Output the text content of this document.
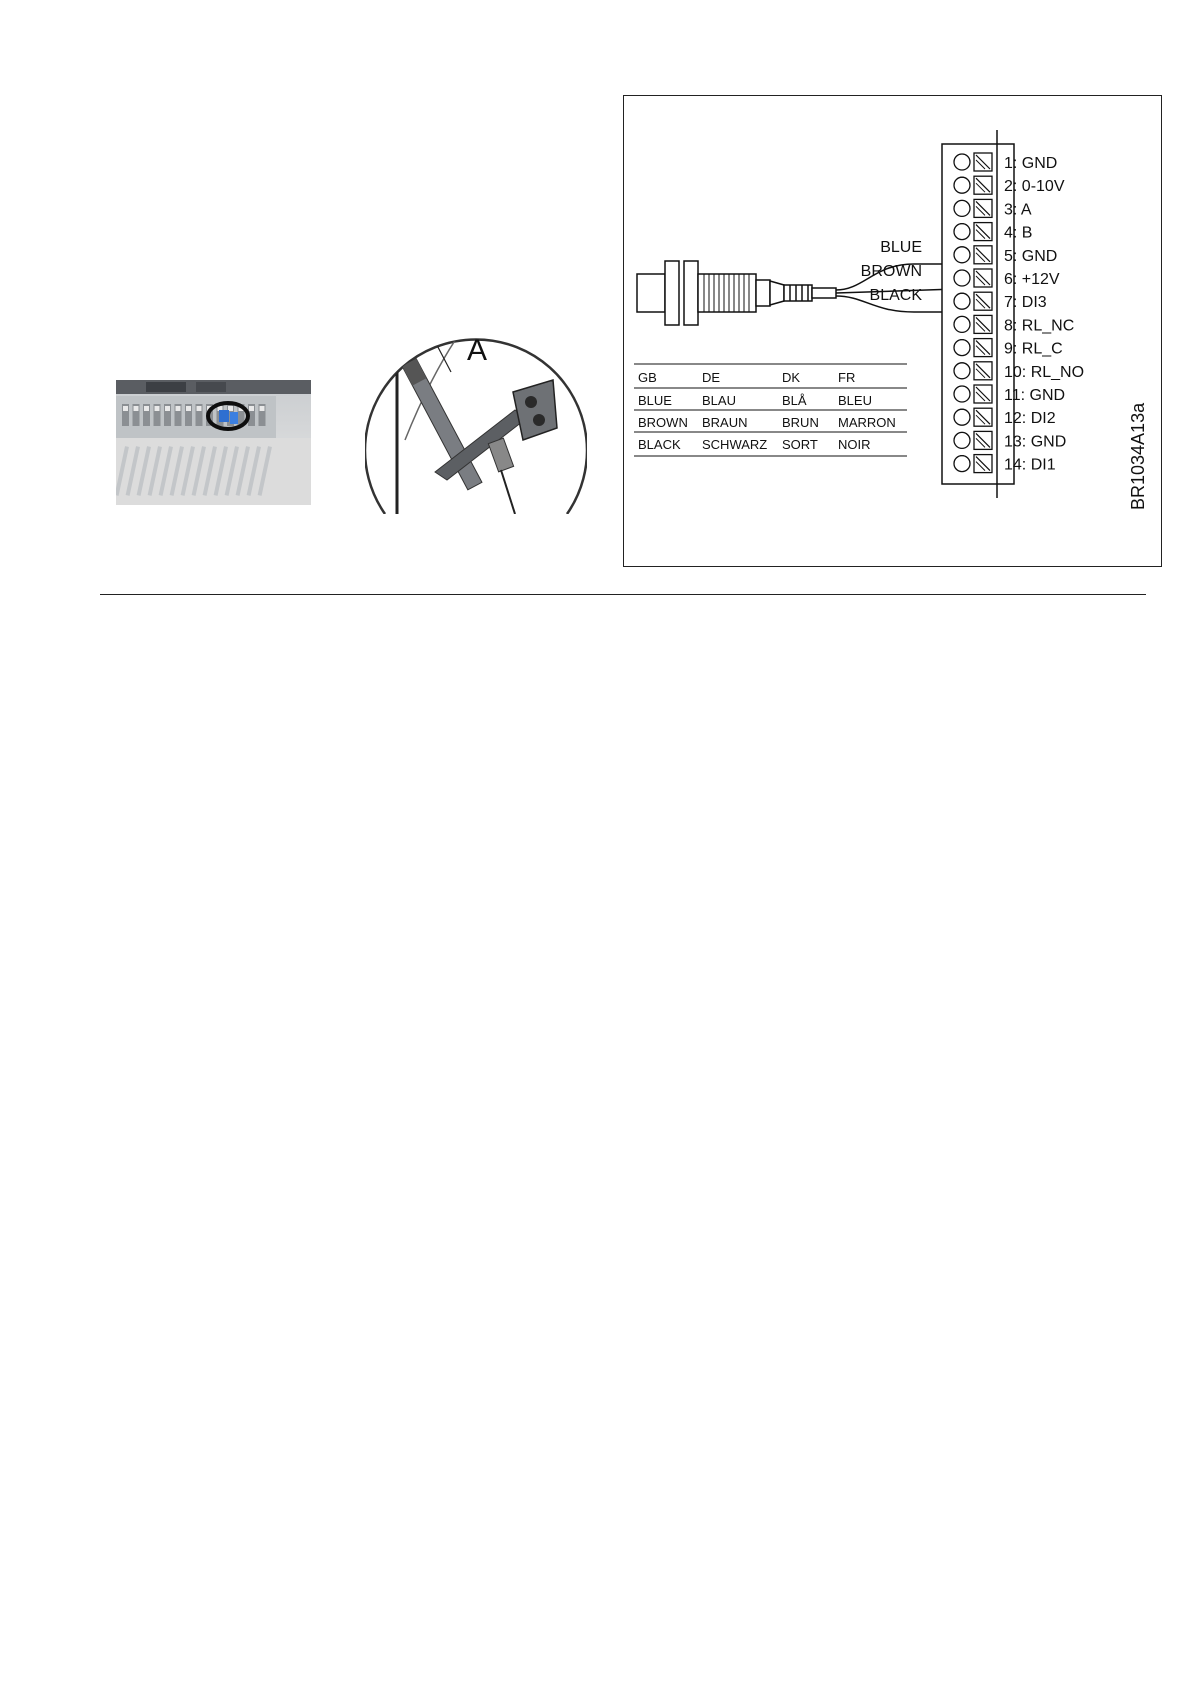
A
BLUE
BROWN
BLACK
1: GND
2: 0-10V
3: A
4: B
5: GND
6: +12V
7: DI3
8: RL_NC
9: RL_C
10: RL_NO
11: GND
12: DI2
13: GND
14: DI1
GB	DE	DK	FR
BLUE BLAU	BLÅ BLEU
BROWN BRAUN	BRUN MARRON
BLACK SCHWARZ SORT NOIR	BR1034A13a
